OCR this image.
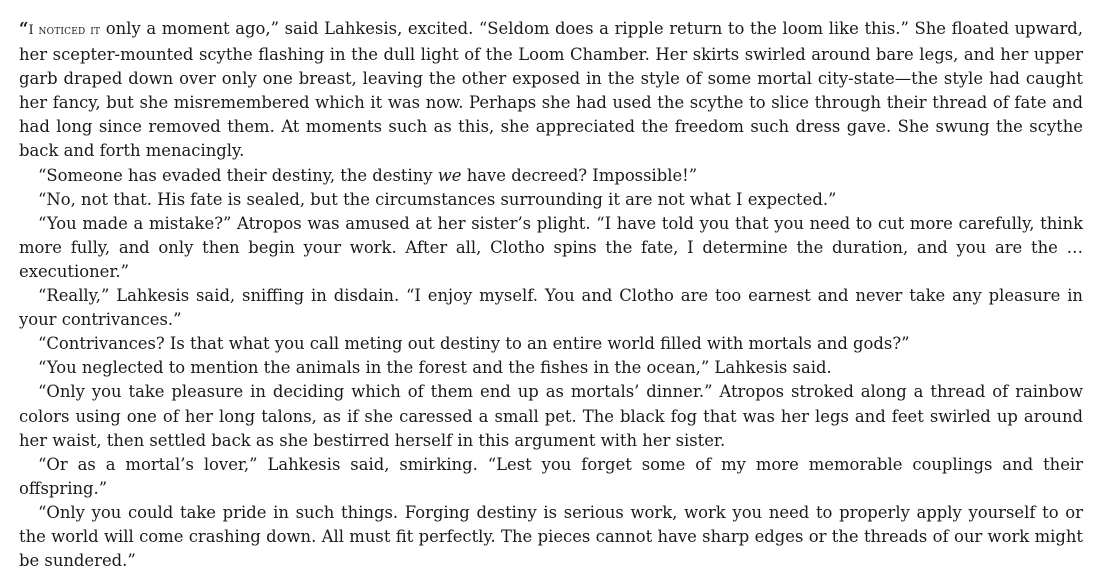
“I noticed it only a moment ago,” said Lahkesis, excited. “Seldom does a ripple return to the loom like this.” She floated upward, her scepter-mounted scythe flashing in the dull light of the Loom Chamber. Her skirts swirled around bare legs, and her upper garb draped down over only one breast, leaving the other exposed in the style of some mortal city-state—the style had caught her fancy, but she misremembered which it was now. Perhaps she had used the scythe to slice through their thread of fate and had long since removed them. At moments such as this, she appreciated the freedom such dress gave. She swung the scythe back and forth menacingly.

“Someone has evaded their destiny, the destiny we have decreed? Impossible!”

“No, not that. His fate is sealed, but the circumstances surrounding it are not what I expected.”

“You made a mistake?” Atropos was amused at her sister’s plight. “I have told you that you need to cut more carefully, think more fully, and only then begin your work. After all, Clotho spins the fate, I determine the duration, and you are the … executioner.”

“Really,” Lahkesis said, sniffing in disdain. “I enjoy myself. You and Clotho are too earnest and never take any pleasure in your contrivances.”

“Contrivances? Is that what you call meting out destiny to an entire world filled with mortals and gods?”

“You neglected to mention the animals in the forest and the fishes in the ocean,” Lahkesis said.

“Only you take pleasure in deciding which of them end up as mortals’ dinner.” Atropos stroked along a thread of rainbow colors using one of her long talons, as if she caressed a small pet. The black fog that was her legs and feet swirled up around her waist, then settled back as she bestirred herself in this argument with her sister.

“Or as a mortal’s lover,” Lahkesis said, smirking. “Lest you forget some of my more memorable couplings and their offspring.”

“Only you could take pride in such things. Forging destiny is serious work, work you need to properly apply yourself to or the world will come crashing down. All must fit perfectly. The pieces cannot have sharp edges or the threads of our work might be sundered.”
